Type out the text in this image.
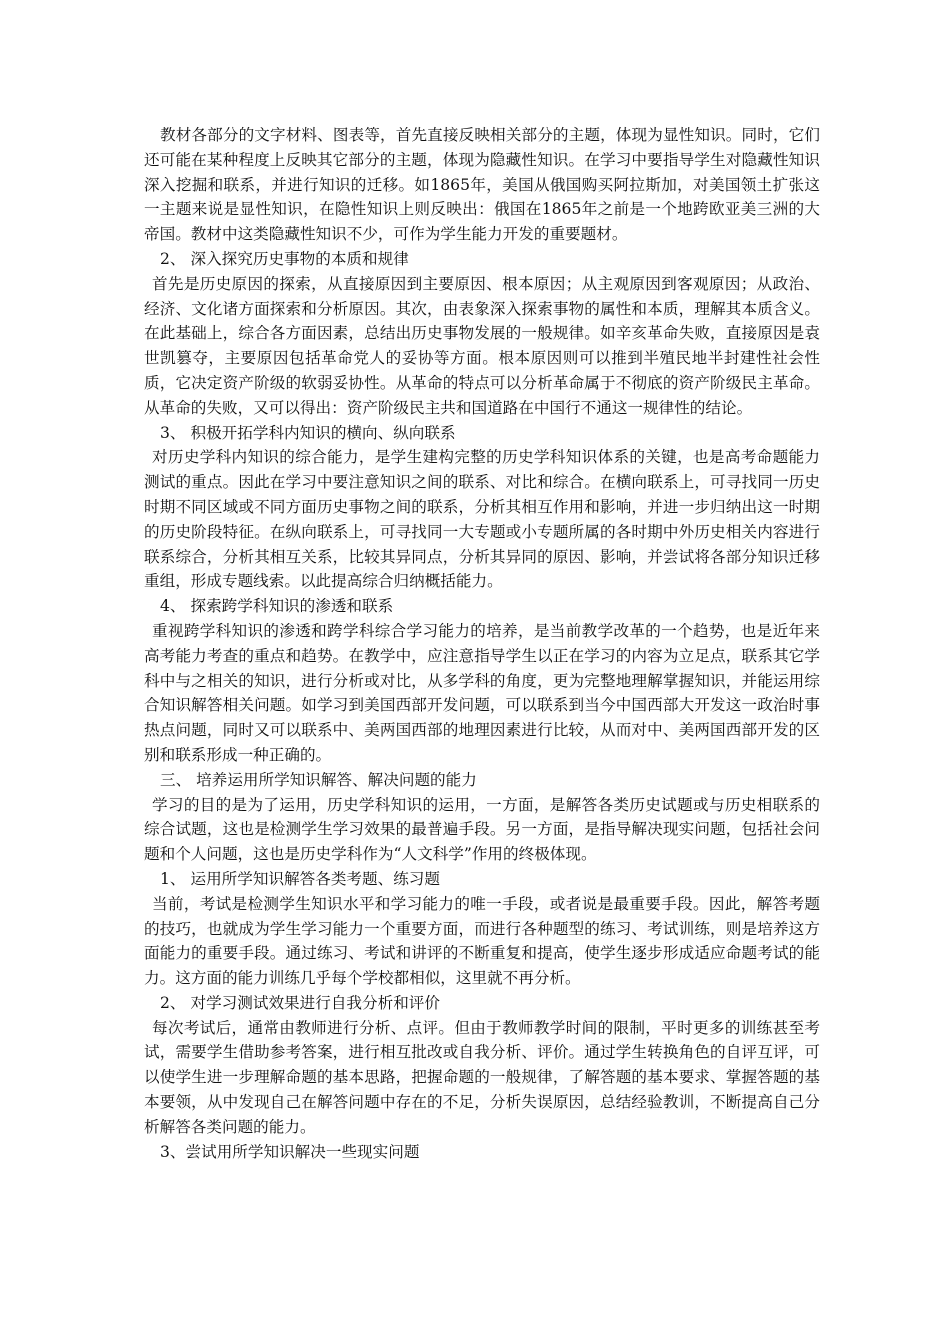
教材各部分的文字材料、图表等，首先直接反映相关部分的主题，体现为显性知识。同时，它们还可能在某种程度上反映其它部分的主题，体现为隐藏性知识。在学习中要指导学生对隐藏性知识深入挖掘和联系，并进行知识的迁移。如1865年，美国从俄国购买阿拉斯加，对美国领土扩张这一主题来说是显性知识，在隐性知识上则反映出：俄国在1865年之前是一个地跨欧亚美三洲的大帝国。教材中这类隐藏性知识不少，可作为学生能力开发的重要题材。

2、 深入探究历史事物的本质和规律

首先是历史原因的探索，从直接原因到主要原因、根本原因；从主观原因到客观原因；从政治、经济、文化诸方面探索和分析原因。其次，由表象深入探索事物的属性和本质，理解其本质含义。在此基础上，综合各方面因素，总结出历史事物发展的一般规律。如辛亥革命失败，直接原因是袁世凯篡夺，主要原因包括革命党人的妥协等方面。根本原因则可以推到半殖民地半封建性社会性质，它决定资产阶级的软弱妥协性。从革命的特点可以分析革命属于不彻底的资产阶级民主革命。从革命的失败，又可以得出：资产阶级民主共和国道路在中国行不通这一规律性的结论。

3、 积极开拓学科内知识的横向、纵向联系

对历史学科内知识的综合能力，是学生建构完整的历史学科知识体系的关键，也是高考命题能力测试的重点。因此在学习中要注意知识之间的联系、对比和综合。在横向联系上，可寻找同一历史时期不同区域或不同方面历史事物之间的联系，分析其相互作用和影响，并进一步归纳出这一时期的历史阶段特征。在纵向联系上，可寻找同一大专题或小专题所属的各时期中外历史相关内容进行联系综合，分析其相互关系，比较其异同点，分析其异同的原因、影响，并尝试将各部分知识迁移重组，形成专题线索。以此提高综合归纳概括能力。

4、 探索跨学科知识的渗透和联系

重视跨学科知识的渗透和跨学科综合学习能力的培养，是当前教学改革的一个趋势，也是近年来高考能力考查的重点和趋势。在教学中，应注意指导学生以正在学习的内容为立足点，联系其它学科中与之相关的知识，进行分析或对比，从多学科的角度，更为完整地理解掌握知识，并能运用综合知识解答相关问题。如学习到美国西部开发问题，可以联系到当今中国西部大开发这一政治时事热点问题，同时又可以联系中、美两国西部的地理因素进行比较，从而对中、美两国西部开发的区别和联系形成一种正确的。

三、 培养运用所学知识解答、解决问题的能力

学习的目的是为了运用，历史学科知识的运用，一方面，是解答各类历史试题或与历史相联系的综合试题，这也是检测学生学习效果的最普遍手段。另一方面，是指导解决现实问题，包括社会问题和个人问题，这也是历史学科作为“人文科学”作用的终极体现。

1、 运用所学知识解答各类考题、练习题

当前，考试是检测学生知识水平和学习能力的唯一手段，或者说是最重要手段。因此，解答考题的技巧，也就成为学生学习能力一个重要方面，而进行各种题型的练习、考试训练，则是培养这方面能力的重要手段。通过练习、考试和讲评的不断重复和提高，使学生逐步形成适应命题考试的能力。这方面的能力训练几乎每个学校都相似，这里就不再分析。

2、 对学习测试效果进行自我分析和评价

每次考试后，通常由教师进行分析、点评。但由于教师教学时间的限制，平时更多的训练甚至考试，需要学生借助参考答案，进行相互批改或自我分析、评价。通过学生转换角色的自评互评，可以使学生进一步理解命题的基本思路，把握命题的一般规律，了解答题的基本要求、掌握答题的基本要领，从中发现自己在解答问题中存在的不足，分析失误原因，总结经验教训，不断提高自己分析解答各类问题的能力。

3、尝试用所学知识解决一些现实问题
